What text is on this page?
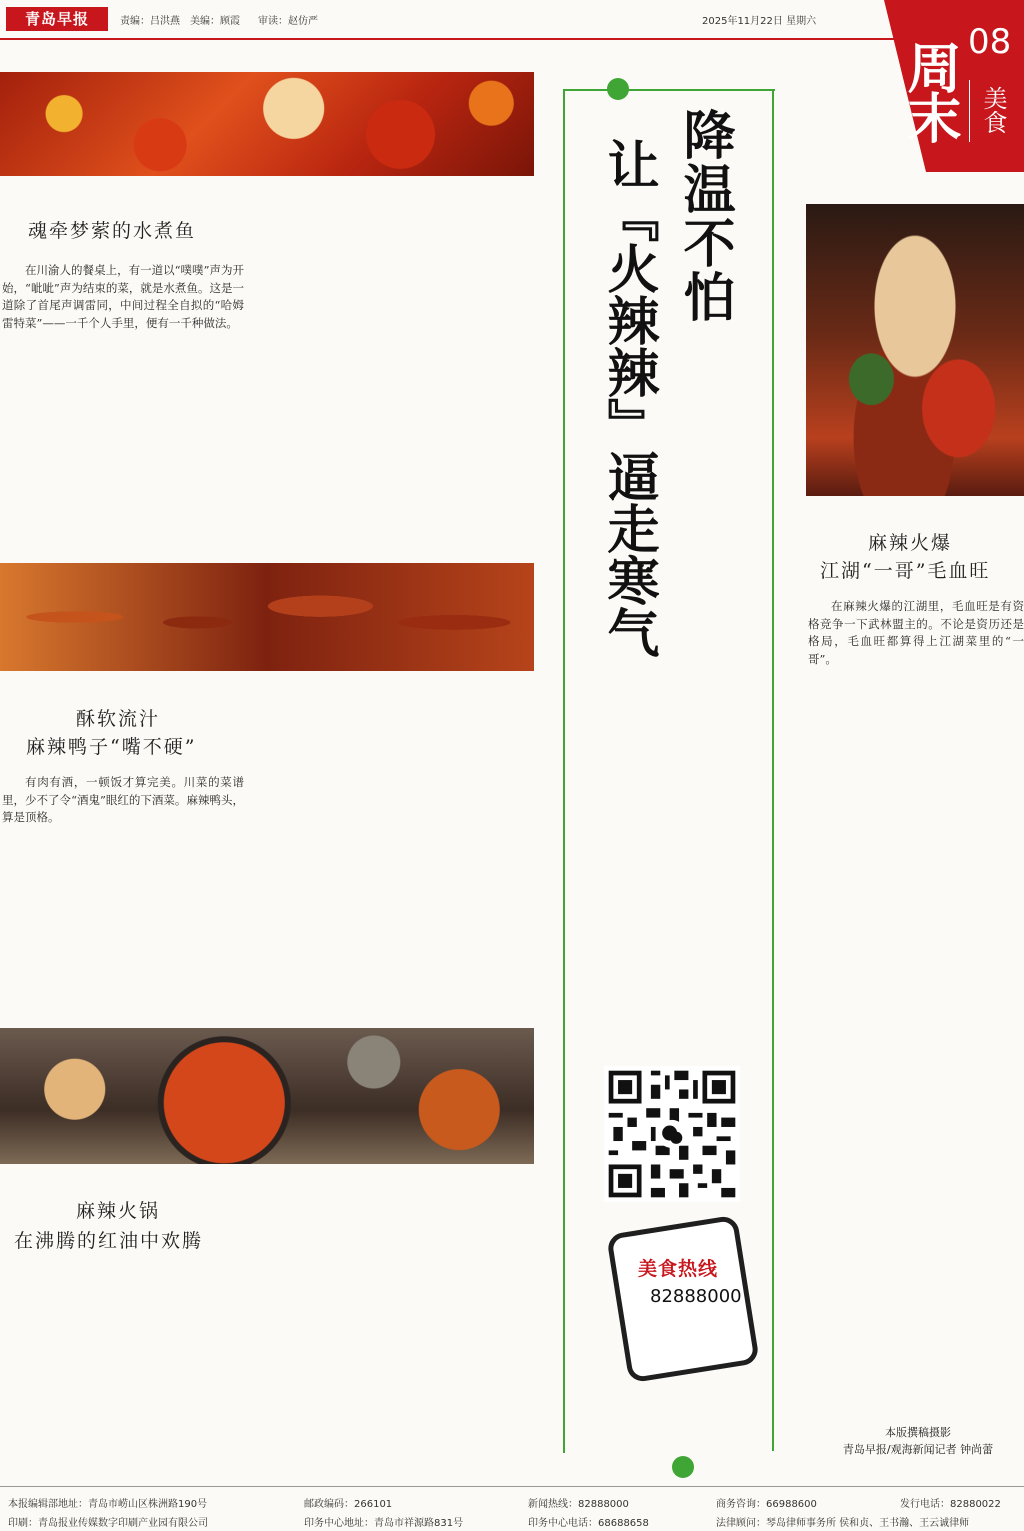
青岛早报	责编：吕洪燕 美编：顾霞 审读：赵仿严	2025年11月22日 星期六
08
周末 美食
魂牵梦萦的水煮鱼

在川渝人的餐桌上，有一道以“噗噗”声为开始，“呲呲”声为结束的菜，就是水煮鱼。这是一道除了首尾声调雷同，中间过程全自拟的“哈姆雷特菜”——一千个人手里，便有一千种做法。

酥软流汁
麻辣鸭子“嘴不硬”

有肉有酒，一顿饭才算完美。川菜的菜谱里，少不了令“酒鬼”眼红的下酒菜。麻辣鸭头，算是顶格。

麻辣火锅
在沸腾的红油中欢腾
麻辣火爆
江湖“一哥”毛血旺

在麻辣火爆的江湖里，毛血旺是有资格竞争一下武林盟主的。不论是资历还是格局，毛血旺都算得上江湖菜里的“一哥”。

降温不怕
让『火辣辣』逼走寒气
美食热线
82888000
本版撰稿摄影
青岛早报/观海新闻记者 钟尚蕾
本报编辑部地址：青岛市崂山区株洲路190号
印刷：青岛报业传媒数字印刷产业园有限公司
邮政编码：266101
印务中心地址：青岛市祥源路831号
新闻热线：82888000
印务中心电话：68688658
商务咨询：66988600
法律顾问：琴岛律师事务所 侯和贞、王书瀚、王云诚律师
发行电话：82880022
